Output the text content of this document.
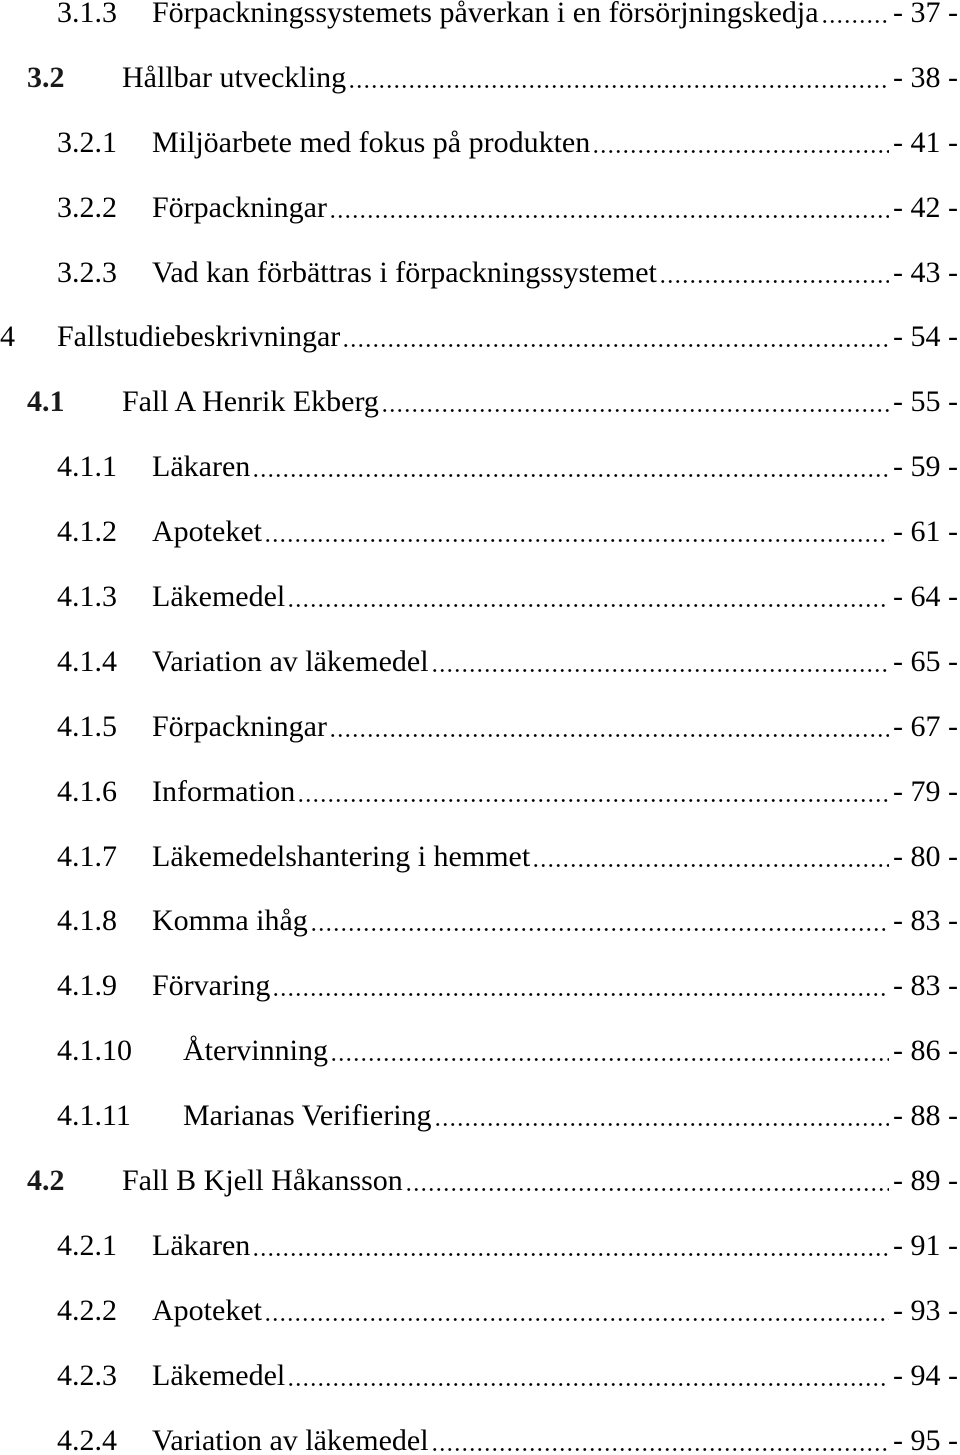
3.1.3 Förpackningssystemets påverkan i en försörjningskedja - 37 -
3.2 Hållbar utveckling	- 38 -
3.2.1 Miljöarbete med fokus på produkten	- 41 -
3.2.2 Förpackningar	- 42 -
3.2.3 Vad kan förbättras i förpackningssystemet	- 43 -
4 Fallstudiebeskrivningar	- 54 -
4.1 Fall A Henrik Ekberg	- 55 -
4.1.1 Läkaren	- 59 -
4.1.2 Apoteket	- 61 -
4.1.3 Läkemedel	- 64 -
4.1.4 Variation av läkemedel	- 65 -
4.1.5 Förpackningar	- 67 -
4.1.6 Information	- 79 -
4.1.7 Läkemedelshantering i hemmet	- 80 -
4.1.8 Komma ihåg	- 83 -
4.1.9 Förvaring	- 83 -
4.1.10 Återvinning	- 86 -
4.1.11 Marianas Verifiering	- 88 -
4.2 Fall B Kjell Håkansson	- 89 -
4.2.1 Läkaren	- 91 -
4.2.2 Apoteket	- 93 -
4.2.3 Läkemedel	- 94 -
4.2.4 Variation av läkemedel	- 95 -
